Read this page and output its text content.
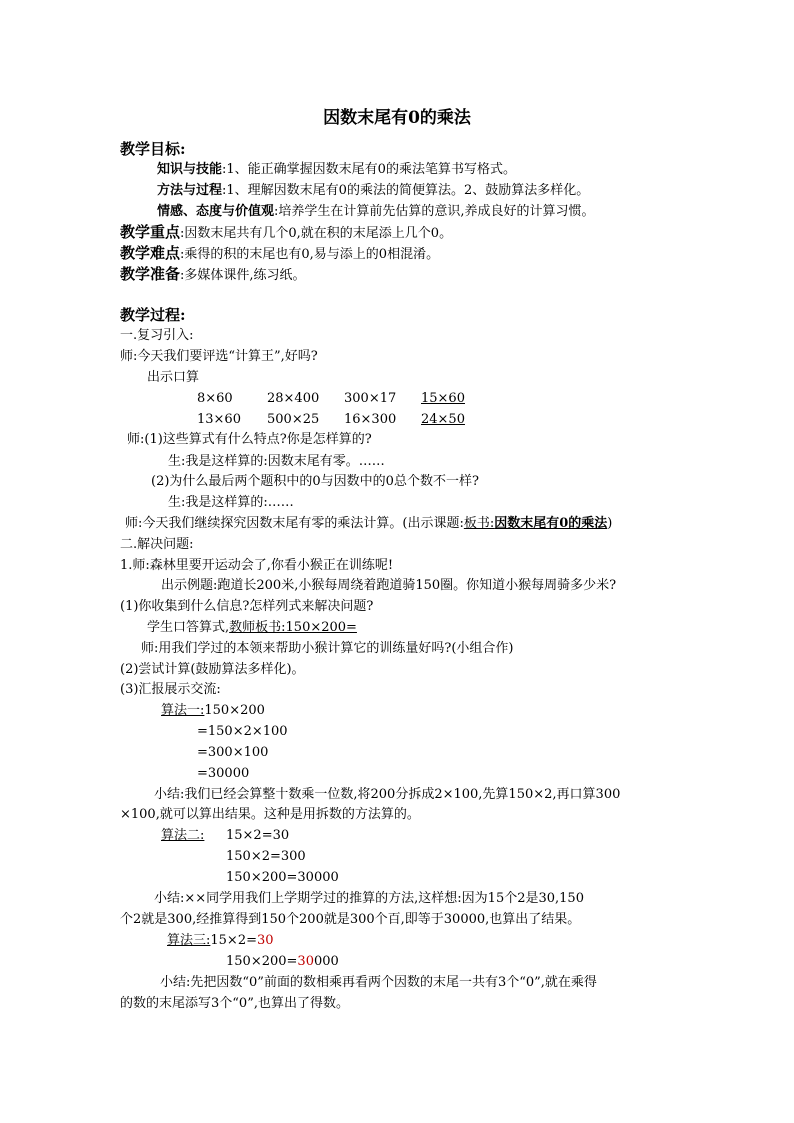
因数末尾有0的乘法
教学目标:
知识与技能:1、能正确掌握因数末尾有0的乘法笔算书写格式。
方法与过程:1、理解因数末尾有0的乘法的简便算法。2、鼓励算法多样化。
情感、态度与价值观:培养学生在计算前先估算的意识,养成良好的计算习惯。
教学重点:因数末尾共有几个0,就在积的末尾添上几个0。
教学难点:乘得的积的末尾也有0,易与添上的0相混淆。
教学准备:多媒体课件,练习纸。
教学过程:
一.复习引入:
师:今天我们要评选“计算王”,好吗?
出示口算
8×60	28×400 300×17 15×60
13×60 500×25 16×300 24×50
师:(1)这些算式有什么特点?你是怎样算的?
生:我是这样算的:因数末尾有零。……
(2)为什么最后两个题积中的0与因数中的0总个数不一样?
生:我是这样算的:……
师:今天我们继续探究因数末尾有零的乘法计算。(出示课题:板书:因数末尾有0的乘法)
二.解决问题:
1.师:森林里要开运动会了,你看小猴正在训练呢!
出示例题:跑道长200米,小猴每周绕着跑道骑150圈。你知道小猴每周骑多少米?
(1)你收集到什么信息?怎样列式来解决问题?
学生口答算式,教师板书:150×200=
师:用我们学过的本领来帮助小猴计算它的训练量好吗?(小组合作)
(2)尝试计算(鼓励算法多样化)。
(3)汇报展示交流:
算法一:150×200
=150×2×100
=300×100
=30000
小结:我们已经会算整十数乘一位数,将200分拆成2×100,先算150×2,再口算300
×100,就可以算出结果。这种是用拆数的方法算的。
算法二: 15×2=30
150×2=300
150×200=30000
小结:××同学用我们上学期学过的推算的方法,这样想:因为15个2是30,150
个2就是300,经推算得到150个200就是300个百,即等于30000,也算出了结果。
算法三:15×2=30
150×200=30000
小结:先把因数“0”前面的数相乘再看两个因数的末尾一共有3个“0”,就在乘得
的数的末尾添写3个“0”,也算出了得数。
